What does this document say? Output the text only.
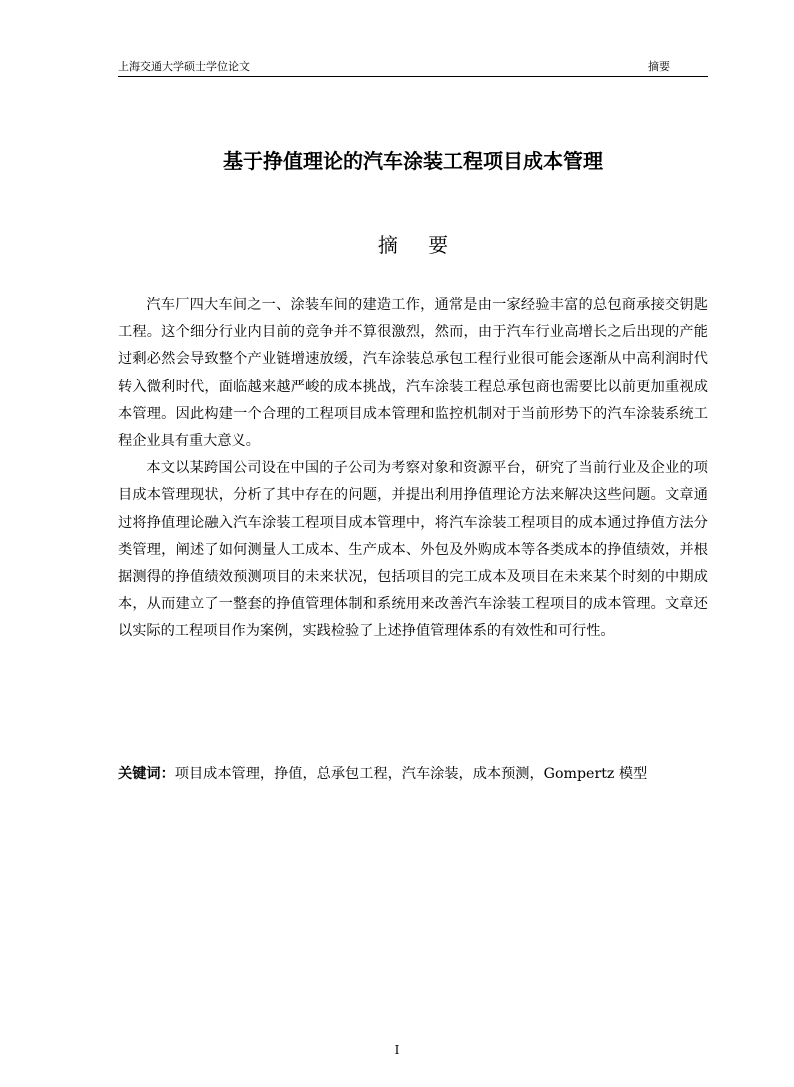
上海交通大学硕士学位论文	摘要
基于挣值理论的汽车涂装工程项目成本管理
摘 要

汽车厂四大车间之一、涂装车间的建造工作，通常是由一家经验丰富的总包商承接交钥匙工程。这个细分行业内目前的竞争并不算很激烈，然而，由于汽车行业高增长之后出现的产能过剩必然会导致整个产业链增速放缓，汽车涂装总承包工程行业很可能会逐渐从中高利润时代转入微利时代，面临越来越严峻的成本挑战，汽车涂装工程总承包商也需要比以前更加重视成本管理。因此构建一个合理的工程项目成本管理和监控机制对于当前形势下的汽车涂装系统工程企业具有重大意义。

本文以某跨国公司设在中国的子公司为考察对象和资源平台，研究了当前行业及企业的项目成本管理现状，分析了其中存在的问题，并提出利用挣值理论方法来解决这些问题。文章通过将挣值理论融入汽车涂装工程项目成本管理中，将汽车涂装工程项目的成本通过挣值方法分类管理，阐述了如何测量人工成本、生产成本、外包及外购成本等各类成本的挣值绩效，并根据测得的挣值绩效预测项目的未来状况，包括项目的完工成本及项目在未来某个时刻的中期成本，从而建立了一整套的挣值管理体制和系统用来改善汽车涂装工程项目的成本管理。文章还以实际的工程项目作为案例，实践检验了上述挣值管理体系的有效性和可行性。

关键词：项目成本管理，挣值，总承包工程，汽车涂装，成本预测，Gompertz 模型
I
